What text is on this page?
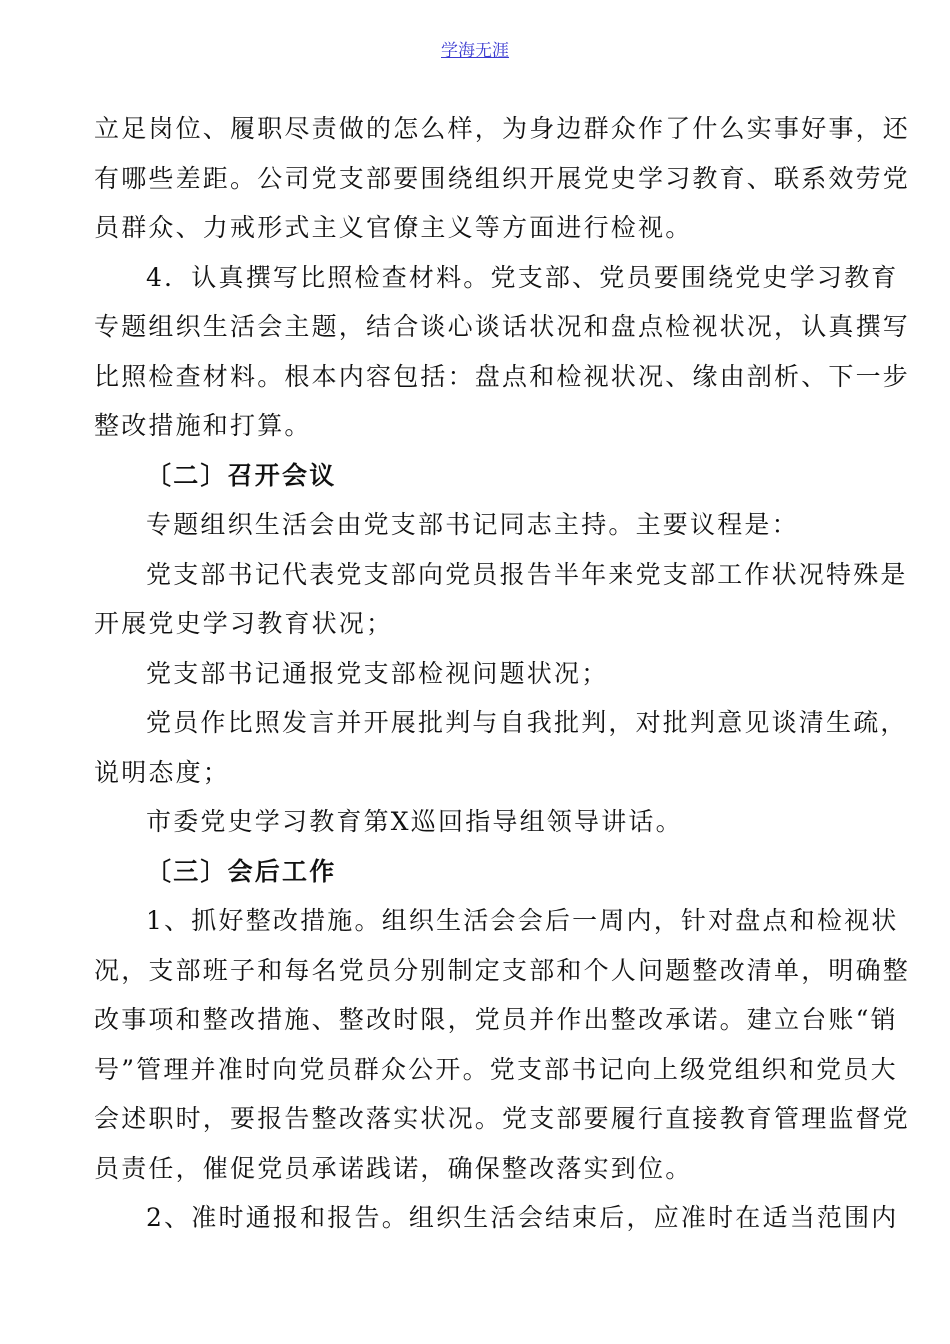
学海无涯
立足岗位、履职尽责做的怎么样，为身边群众作了什么实事好事，还
有哪些差距。公司党支部要围绕组织开展党史学习教育、联系效劳党
员群众、力戒形式主义官僚主义等方面进行检视。
4．认真撰写比照检查材料。党支部、党员要围绕党史学习教育
专题组织生活会主题，结合谈心谈话状况和盘点检视状况，认真撰写
比照检查材料。根本内容包括：盘点和检视状况、缘由剖析、下一步
整改措施和打算。
〔二〕召开会议
专题组织生活会由党支部书记同志主持。主要议程是：
党支部书记代表党支部向党员报告半年来党支部工作状况特殊是
开展党史学习教育状况；
党支部书记通报党支部检视问题状况；
党员作比照发言并开展批判与自我批判，对批判意见谈清生疏，
说明态度；
市委党史学习教育第X巡回指导组领导讲话。
〔三〕会后工作
1、抓好整改措施。组织生活会会后一周内，针对盘点和检视状
况，支部班子和每名党员分别制定支部和个人问题整改清单，明确整
改事项和整改措施、整改时限，党员并作出整改承诺。建立台账“销
号”管理并准时向党员群众公开。党支部书记向上级党组织和党员大
会述职时，要报告整改落实状况。党支部要履行直接教育管理监督党
员责任，催促党员承诺践诺，确保整改落实到位。
2、准时通报和报告。组织生活会结束后，应准时在适当范围内
